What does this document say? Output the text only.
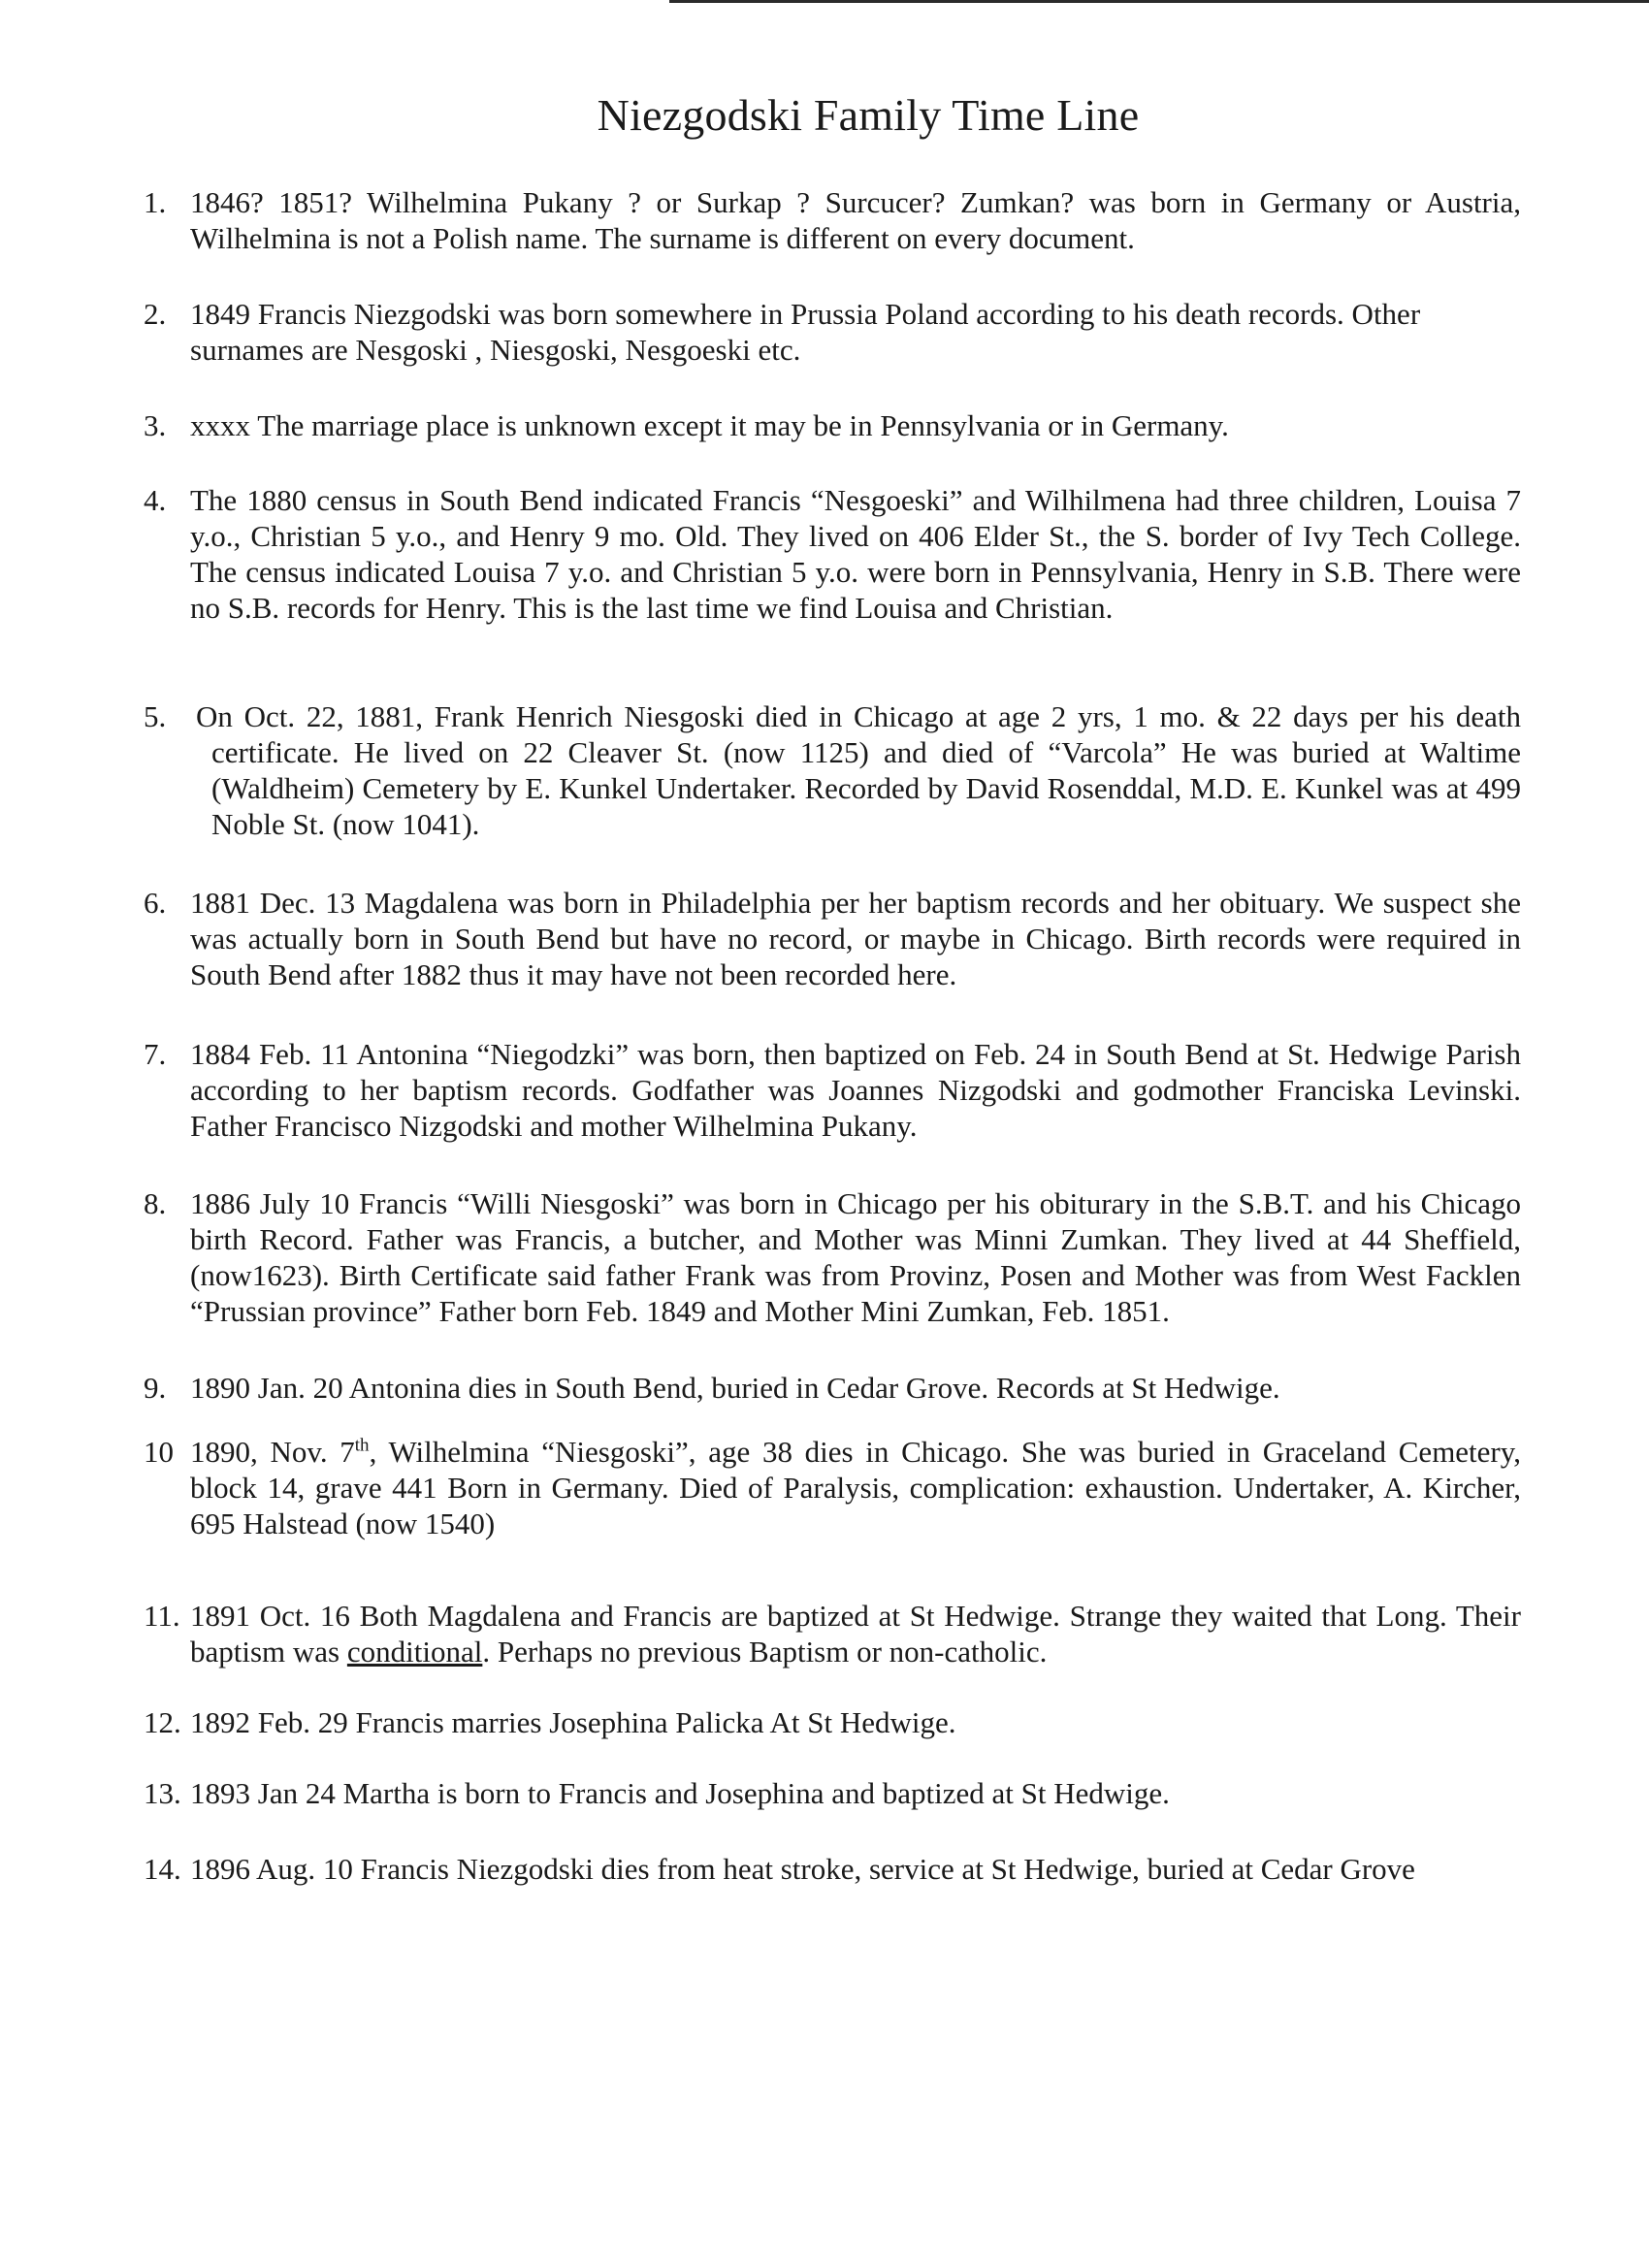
Niezgodski Family Time Line
1. 1846? 1851? Wilhelmina Pukany ? or Surkap ? Surcucer? Zumkan? was born in Germany or Austria, Wilhelmina is not a Polish name. The surname is different on every document.
2. 1849 Francis Niezgodski was born somewhere in Prussia Poland according to his death records. Other surnames are Nesgoski , Niesgoski, Nesgoeski etc.
3. xxxx The marriage place is unknown except it may be in Pennsylvania or in Germany.
4. The 1880 census in South Bend indicated Francis “Nesgoeski” and Wilhilmena had three children, Louisa 7 y.o., Christian 5 y.o., and Henry 9 mo. Old. They lived on 406 Elder St., the S. border of Ivy Tech College. The census indicated Louisa 7 y.o. and Christian 5 y.o. were born in Pennsylvania, Henry in S.B. There were no S.B. records for Henry. This is the last time we find Louisa and Christian.
5. On Oct. 22, 1881, Frank Henrich Niesgoski died in Chicago at age 2 yrs, 1 mo. & 22 days per his death certificate. He lived on 22 Cleaver St. (now 1125) and died of “Varcola” He was buried at Waltime (Waldheim) Cemetery by E. Kunkel Undertaker. Recorded by David Rosenddal, M.D. E. Kunkel was at 499 Noble St. (now 1041).
6. 1881 Dec. 13 Magdalena was born in Philadelphia per her baptism records and her obituary. We suspect she was actually born in South Bend but have no record, or maybe in Chicago. Birth records were required in South Bend after 1882 thus it may have not been recorded here.
7. 1884 Feb. 11 Antonina “Niegodzki” was born, then baptized on Feb. 24 in South Bend at St. Hedwige Parish according to her baptism records. Godfather was Joannes Nizgodski and godmother Franciska Levinski. Father Francisco Nizgodski and mother Wilhelmina Pukany.
8. 1886 July 10 Francis “Willi Niesgoski” was born in Chicago per his obiturary in the S.B.T. and his Chicago birth Record. Father was Francis, a butcher, and Mother was Minni Zumkan. They lived at 44 Sheffield, (now1623). Birth Certificate said father Frank was from Provinz, Posen and Mother was from West Facklen “Prussian province” Father born Feb. 1849 and Mother Mini Zumkan, Feb. 1851.
9. 1890 Jan. 20 Antonina dies in South Bend, buried in Cedar Grove. Records at St Hedwige.
10 1890, Nov. 7th, Wilhelmina “Niesgoski”, age 38 dies in Chicago. She was buried in Graceland Cemetery, block 14, grave 441 Born in Germany. Died of Paralysis, complication: exhaustion. Undertaker, A. Kircher, 695 Halstead (now 1540)
11. 1891 Oct. 16 Both Magdalena and Francis are baptized at St Hedwige. Strange they waited that Long. Their baptism was conditional. Perhaps no previous Baptism or non-catholic.
12. 1892 Feb. 29 Francis marries Josephina Palicka At St Hedwige.
13. 1893 Jan 24 Martha is born to Francis and Josephina and baptized at St Hedwige.
14. 1896 Aug. 10 Francis Niezgodski dies from heat stroke, service at St Hedwige, buried at Cedar Grove
